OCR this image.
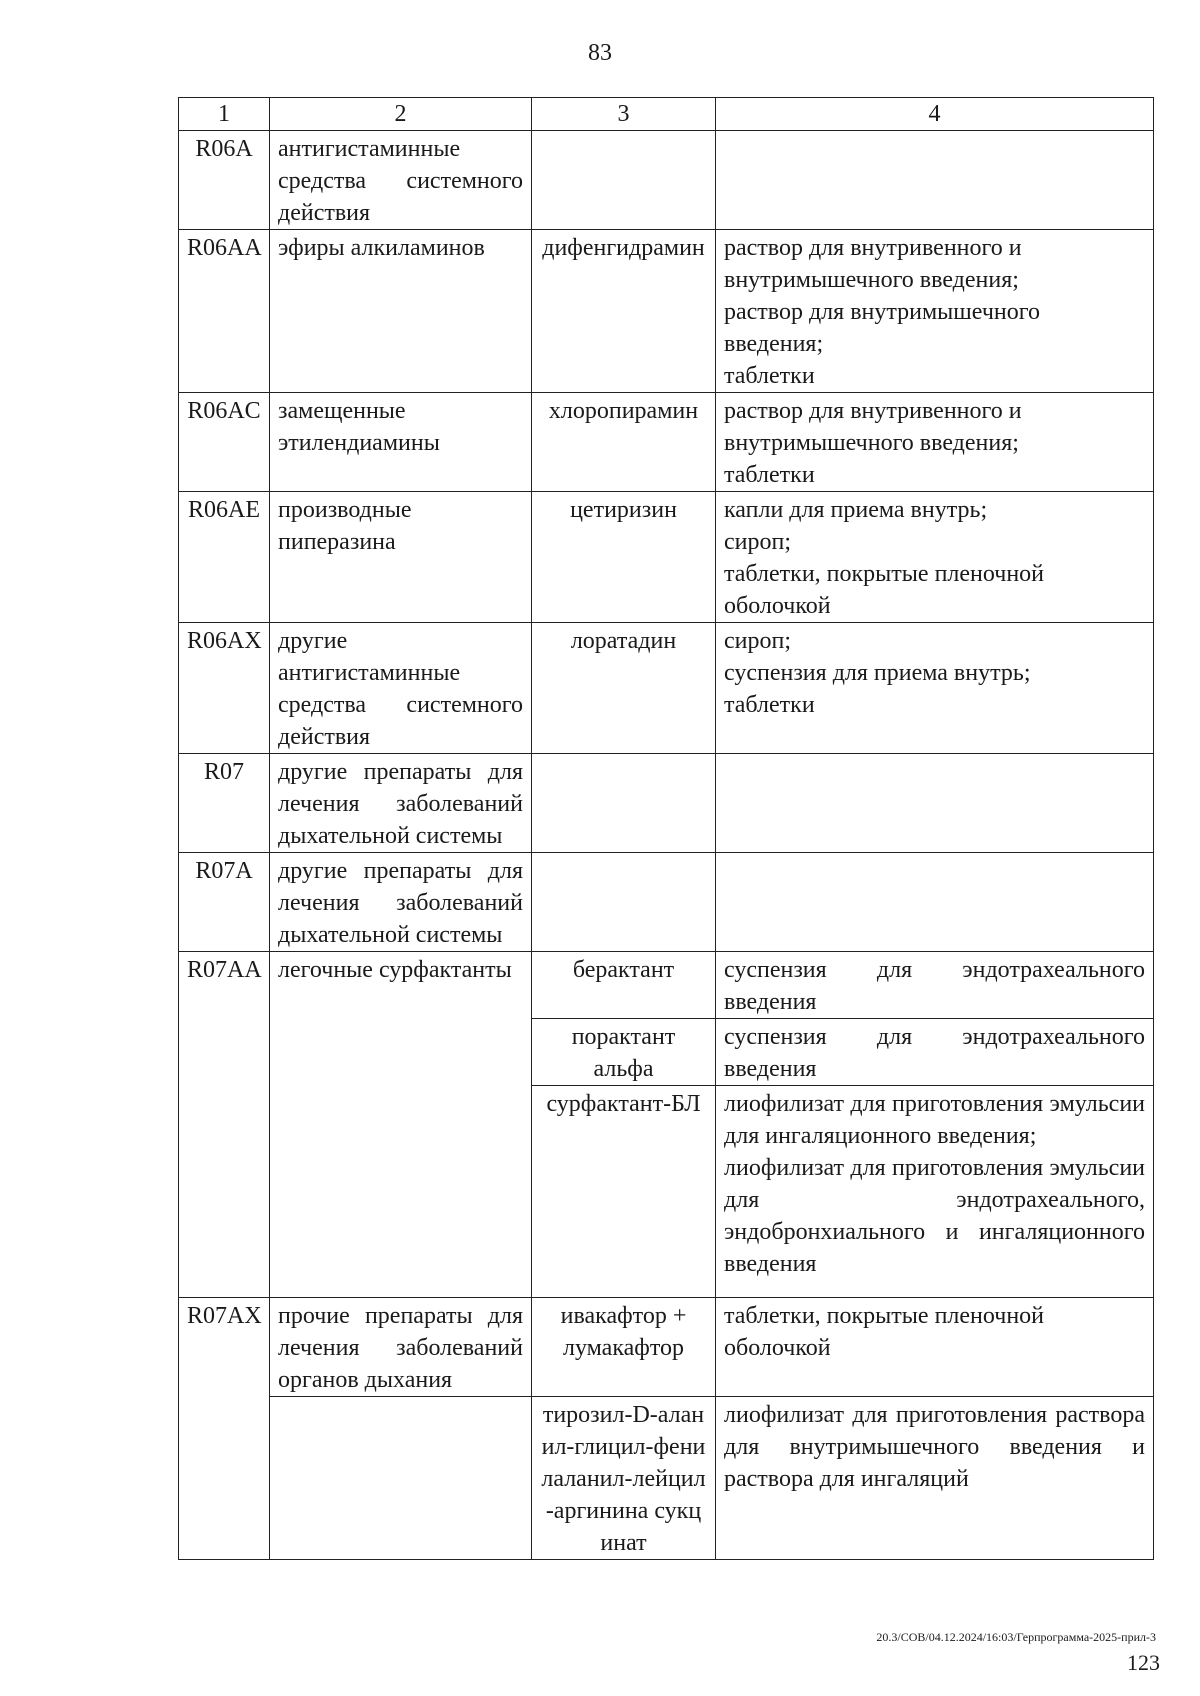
83
1	2	3	4
R06A	антигистаминные средства системного действия		
R06AA	эфиры алкиламинов	дифенгидрамин	раствор для внутривенного и внутримышечного введения;
раствор для внутримышечного введения;
таблетки

R06AC	замещенные этилендиамины	хлоропирамин	раствор для внутривенного и внутримышечного введения;
таблетки

R06AE	производные пиперазина	цетиризин	капли для приема внутрь;
сироп;
таблетки, покрытые пленочной оболочкой

R06AX	другие антигистаминные средства системного действия	лоратадин	сироп;
суспензия для приема внутрь;
таблетки

R07	другие препараты для лечения заболеваний дыхательной системы		
R07A	другие препараты для лечения заболеваний дыхательной системы		
R07AA	легочные сурфактанты	берактант	суспензия для эндотрахеального введения

		порактант альфа	суспензия для эндотрахеального введения

		сурфактант-БЛ	лиофилизат для приготовления эмульсии для ингаляционного введения;
лиофилизат для приготовления эмульсии для эндотрахеального, эндобронхиального и ингаляционного введения

R07AX	прочие препараты для лечения заболеваний органов дыхания	ивакафтор + лумакафтор	таблетки, покрытые пленочной оболочкой

		тирозил-D-аланил-глицил-фенилаланил-лейцил-аргинина сукцинат	лиофилизат для приготовления раствора для внутримышечного введения и раствора для ингаляций
20.3/СОВ/04.12.2024/16:03/Герпрограмма-2025-прил-3
123
